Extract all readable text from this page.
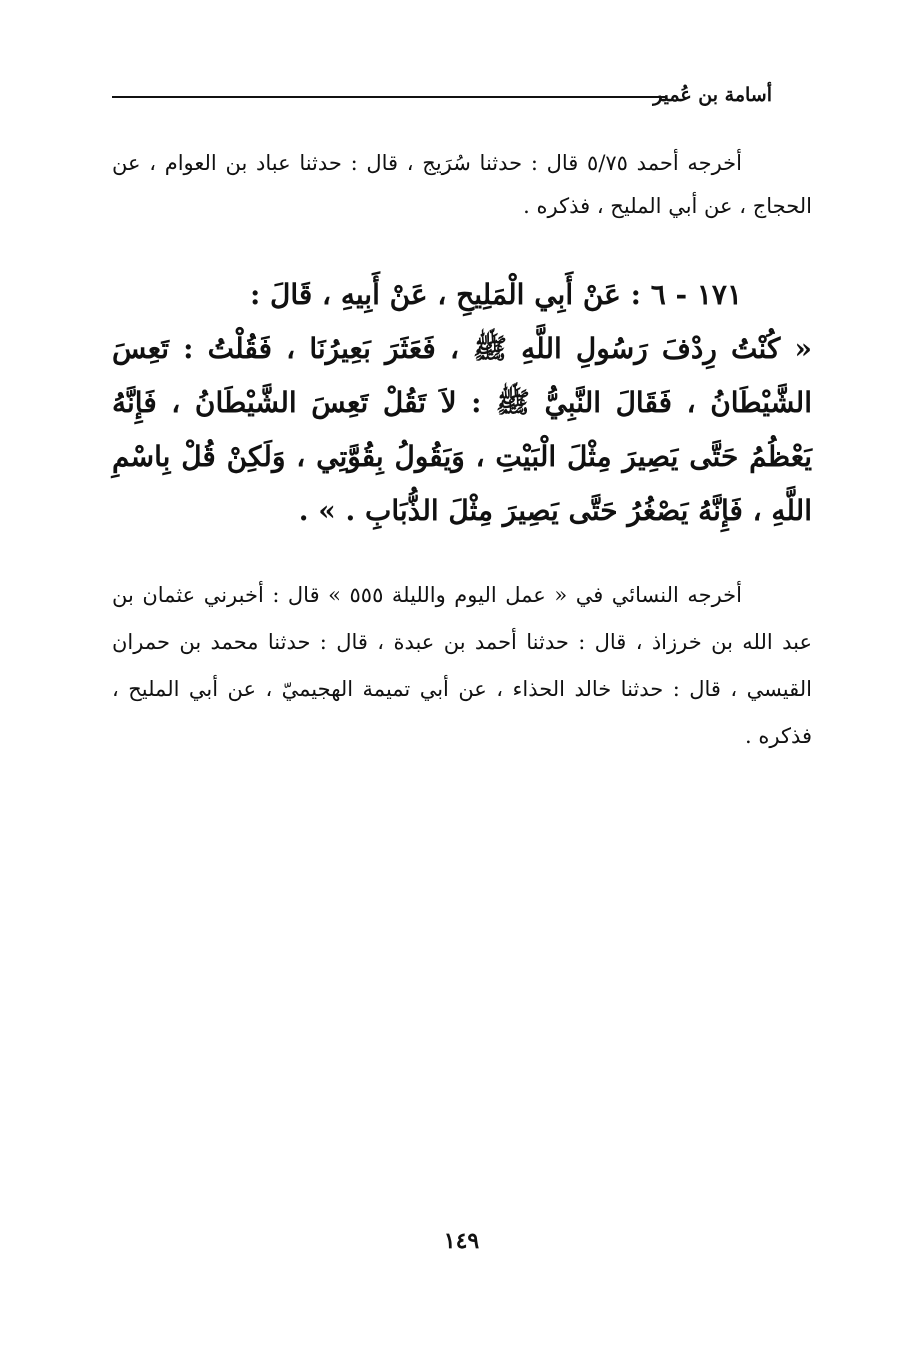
أسامة بن عُمير

أخرجه أحمد ٥/٧٥ قال : حدثنا سُرَيج ، قال : حدثنا عباد بن العوام ، عن الحجاج ، عن أبي المليح ، فذكره .

١٧١ - ٦ : عَنْ أَبِي الْمَلِيحِ ، عَنْ أَبِيهِ ، قَالَ :

« كُنْتُ رِدْفَ رَسُولِ اللَّهِ ﷺ ، فَعَثَرَ بَعِيرُنَا ، فَقُلْتُ : تَعِسَ الشَّيْطَانُ ، فَقَالَ النَّبِيُّ ﷺ : لاَ تَقُلْ تَعِسَ الشَّيْطَانُ ، فَإِنَّهُ يَعْظُمُ حَتَّى يَصِيرَ مِثْلَ الْبَيْتِ ، وَيَقُولُ بِقُوَّتِي ، وَلَكِنْ قُلْ بِاسْمِ اللَّهِ ، فَإِنَّهُ يَصْغُرُ حَتَّى يَصِيرَ مِثْلَ الذُّبَابِ . » .

أخرجه النسائي في « عمل اليوم والليلة ٥٥٥ » قال : أخبرني عثمان بن عبد الله بن خرزاذ ، قال : حدثنا أحمد بن عبدة ، قال : حدثنا محمد بن حمران القيسي ، قال : حدثنا خالد الحذاء ، عن أبي تميمة الهجيميّ ، عن أبي المليح ، فذكره .

١٤٩
